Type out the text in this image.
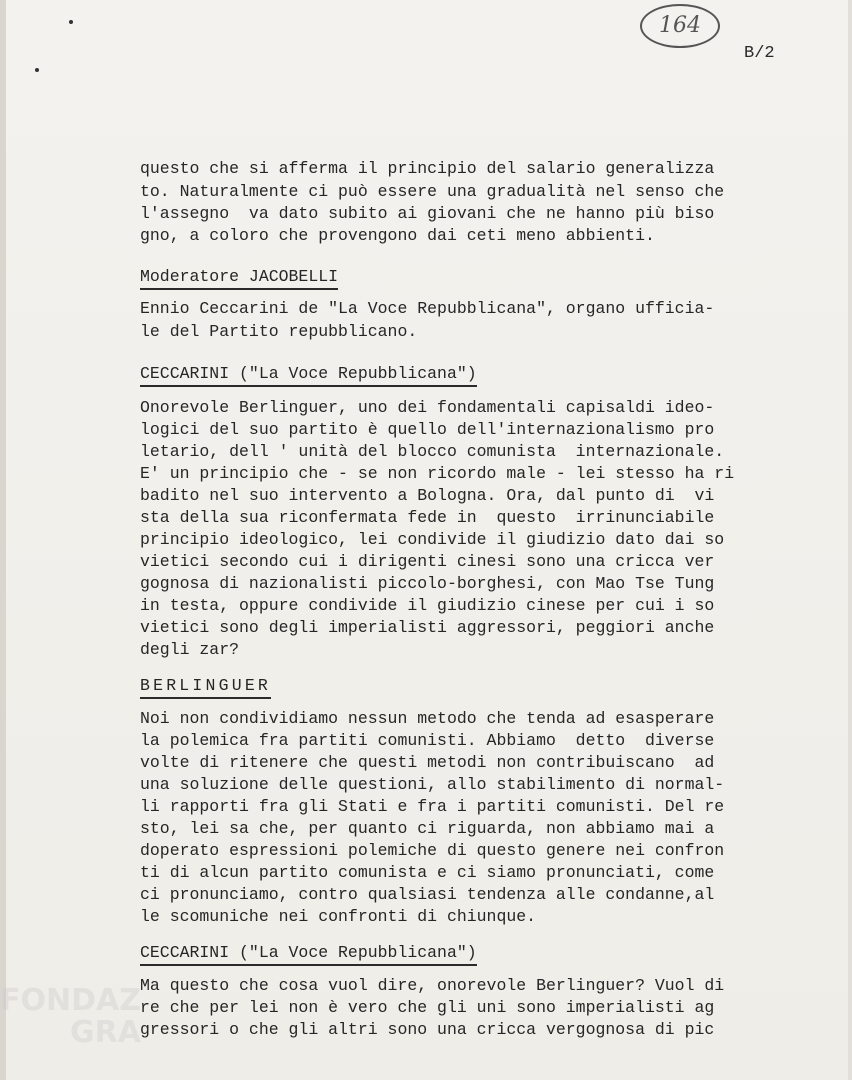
164
B/2
FONDAZ
GRA
questo che si afferma il principio del salario generalizza
to. Naturalmente ci può essere una gradualità nel senso che
l'assegno  va dato subito ai giovani che ne hanno più biso
gno, a coloro che provengono dai ceti meno abbienti.
Moderatore JACOBELLI
Ennio Ceccarini de "La Voce Repubblicana", organo ufficia-
le del Partito repubblicano.
CECCARINI ("La Voce Repubblicana")
Onorevole Berlinguer, uno dei fondamentali capisaldi ideo-
logici del suo partito è quello dell'internazionalismo pro
letario, dell ' unità del blocco comunista  internazionale.
E' un principio che - se non ricordo male - lei stesso ha ri
badito nel suo intervento a Bologna. Ora, dal punto di  vi
sta della sua riconfermata fede in  questo  irrinunciabile
principio ideologico, lei condivide il giudizio dato dai so
vietici secondo cui i dirigenti cinesi sono una cricca ver
gognosa di nazionalisti piccolo-borghesi, con Mao Tse Tung
in testa, oppure condivide il giudizio cinese per cui i so
vietici sono degli imperialisti aggressori, peggiori anche
degli zar?
BERLINGUER
Noi non condividiamo nessun metodo che tenda ad esasperare
la polemica fra partiti comunisti. Abbiamo  detto  diverse
volte di ritenere che questi metodi non contribuiscano  ad
una soluzione delle questioni, allo stabilimento di normal-
li rapporti fra gli Stati e fra i partiti comunisti. Del re
sto, lei sa che, per quanto ci riguarda, non abbiamo mai a
doperato espressioni polemiche di questo genere nei confron
ti di alcun partito comunista e ci siamo pronunciati, come
ci pronunciamo, contro qualsiasi tendenza alle condanne,al
le scomuniche nei confronti di chiunque.
CECCARINI ("La Voce Repubblicana")
Ma questo che cosa vuol dire, onorevole Berlinguer? Vuol di
re che per lei non è vero che gli uni sono imperialisti ag
gressori o che gli altri sono una cricca vergognosa di pic
